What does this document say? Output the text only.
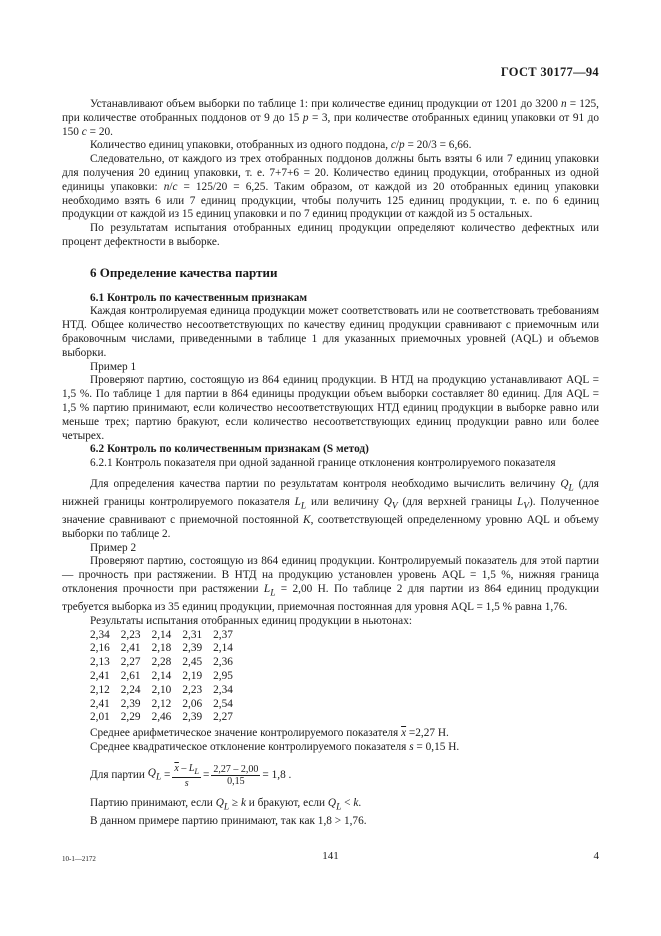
ГОСТ 30177—94

Устанавливают объем выборки по таблице 1: при количестве единиц продукции от 1201 до 3200 n = 125, при количестве отобранных поддонов от 9 до 15 p = 3, при количестве отобранных единиц упаковки от 91 до 150 c = 20.

Количество единиц упаковки, отобранных из одного поддона, c/p = 20/3 = 6,66.

Следовательно, от каждого из трех отобранных поддонов должны быть взяты 6 или 7 единиц упаковки для получения 20 единиц упаковки, т. е. 7+7+6 = 20. Количество единиц продукции, отобранных из одной единицы упаковки: n/c = 125/20 = 6,25. Таким образом, от каждой из 20 отобранных единиц упаковки необходимо взять 6 или 7 единиц продукции, чтобы получить 125 единиц продукции, т. е. по 6 единиц продукции от каждой из 15 единиц упаковки и по 7 единиц продукции от каждой из 5 остальных.

По результатам испытания отобранных единиц продукции определяют количество дефектных или процент дефектности в выборке.

6 Определение качества партии
6.1 Контроль по качественным признакам

Каждая контролируемая единица продукции может соответствовать или не соответствовать требованиям НТД. Общее количество несоответствующих по качеству единиц продукции сравнивают с приемочным или браковочным числами, приведенными в таблице 1 для указанных приемочных уровней (AQL) и объемов выборки.

Пример 1

Проверяют партию, состоящую из 864 единиц продукции. В НТД на продукцию устанавливают AQL = 1,5 %. По таблице 1 для партии в 864 единицы продукции объем выборки составляет 80 единиц. Для AQL = 1,5 % партию принимают, если количество несоответствующих НТД единиц продукции в выборке равно или меньше трех; партию бракуют, если количество несоответствующих единиц продукции равно или более четырех.

6.2 Контроль по количественным признакам (S метод)

6.2.1 Контроль показателя при одной заданной границе отклонения контролируемого показателя

Для определения качества партии по результатам контроля необходимо вычислить величину $Q_L$ (для нижней границы контролируемого показателя $L_L$ или величину $Q_V$ (для верхней границы $L_V$). Полученное значение сравнивают с приемочной постоянной K, соответствующей определенному уровню AQL и объему выборки по таблице 2.

Пример 2

Проверяют партию, состоящую из 864 единиц продукции. Контролируемый показатель для этой партии — прочность при растяжении. В НТД на продукцию установлен уровень AQL = 1,5 %, нижняя граница отклонения прочности при растяжении $L_L = 2,00$ Н. По таблице 2 для партии из 864 единиц продукции требуется выборка из 35 единиц продукции, приемочная постоянная для уровня AQL = 1,5 % равна 1,76.

Результаты испытания отобранных единиц продукции в ньютонах:
2,34	2,23	2,14	2,31	2,37
2,16	2,41	2,18	2,39	2,14
2,13	2,27	2,28	2,45	2,36
2,41	2,61	2,14	2,19	2,95
2,12	2,24	2,10	2,23	2,34
2,41	2,39	2,12	2,06	2,54
2,01	2,29	2,46	2,39	2,27
Среднее арифметическое значение контролируемого показателя $\overline{x} =2,27$ Н.
Среднее квадратическое отклонение контролируемого показателя s = 0,15 Н.
Для партии
$Q_L = \frac{\overline{x} - L_L}{s} = \frac{2,27 - 2,00}{0,15} = 1,8$ .
Партию принимают, если $Q_L \ge k$ и бракуют, если $Q_L < k$.
В данном примере партию принимают, так как 1,8 > 1,76.
10-1—2172	141	4
